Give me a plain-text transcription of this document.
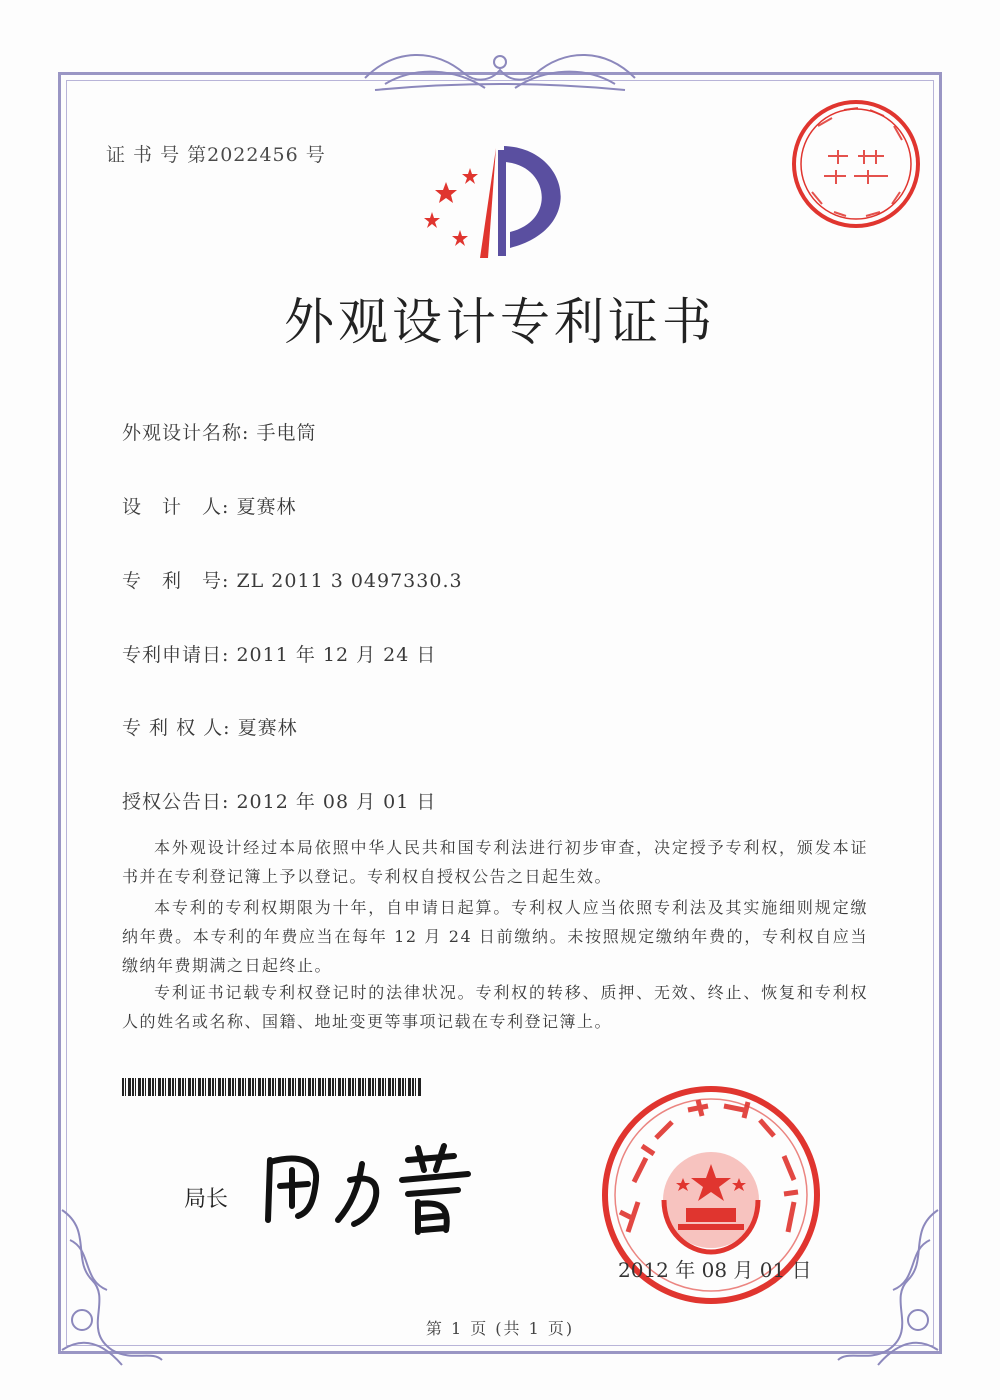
证 书 号 第2022456 号
外观设计专利证书
外观设计名称: 手电筒
设　计　人: 夏赛林
专　利　号: ZL 2011 3 0497330.3
专利申请日: 2011 年 12 月 24 日
专 利 权 人: 夏赛林
授权公告日: 2012 年 08 月 01 日
本外观设计经过本局依照中华人民共和国专利法进行初步审查，决定授予专利权，颁发本证书并在专利登记簿上予以登记。专利权自授权公告之日起生效。
本专利的专利权期限为十年，自申请日起算。专利权人应当依照专利法及其实施细则规定缴纳年费。本专利的年费应当在每年 12 月 24 日前缴纳。未按照规定缴纳年费的，专利权自应当缴纳年费期满之日起终止。
专利证书记载专利权登记时的法律状况。专利权的转移、质押、无效、终止、恢复和专利权人的姓名或名称、国籍、地址变更等事项记载在专利登记簿上。
局长
2012 年 08 月 01 日
第 1 页 (共 1 页)
